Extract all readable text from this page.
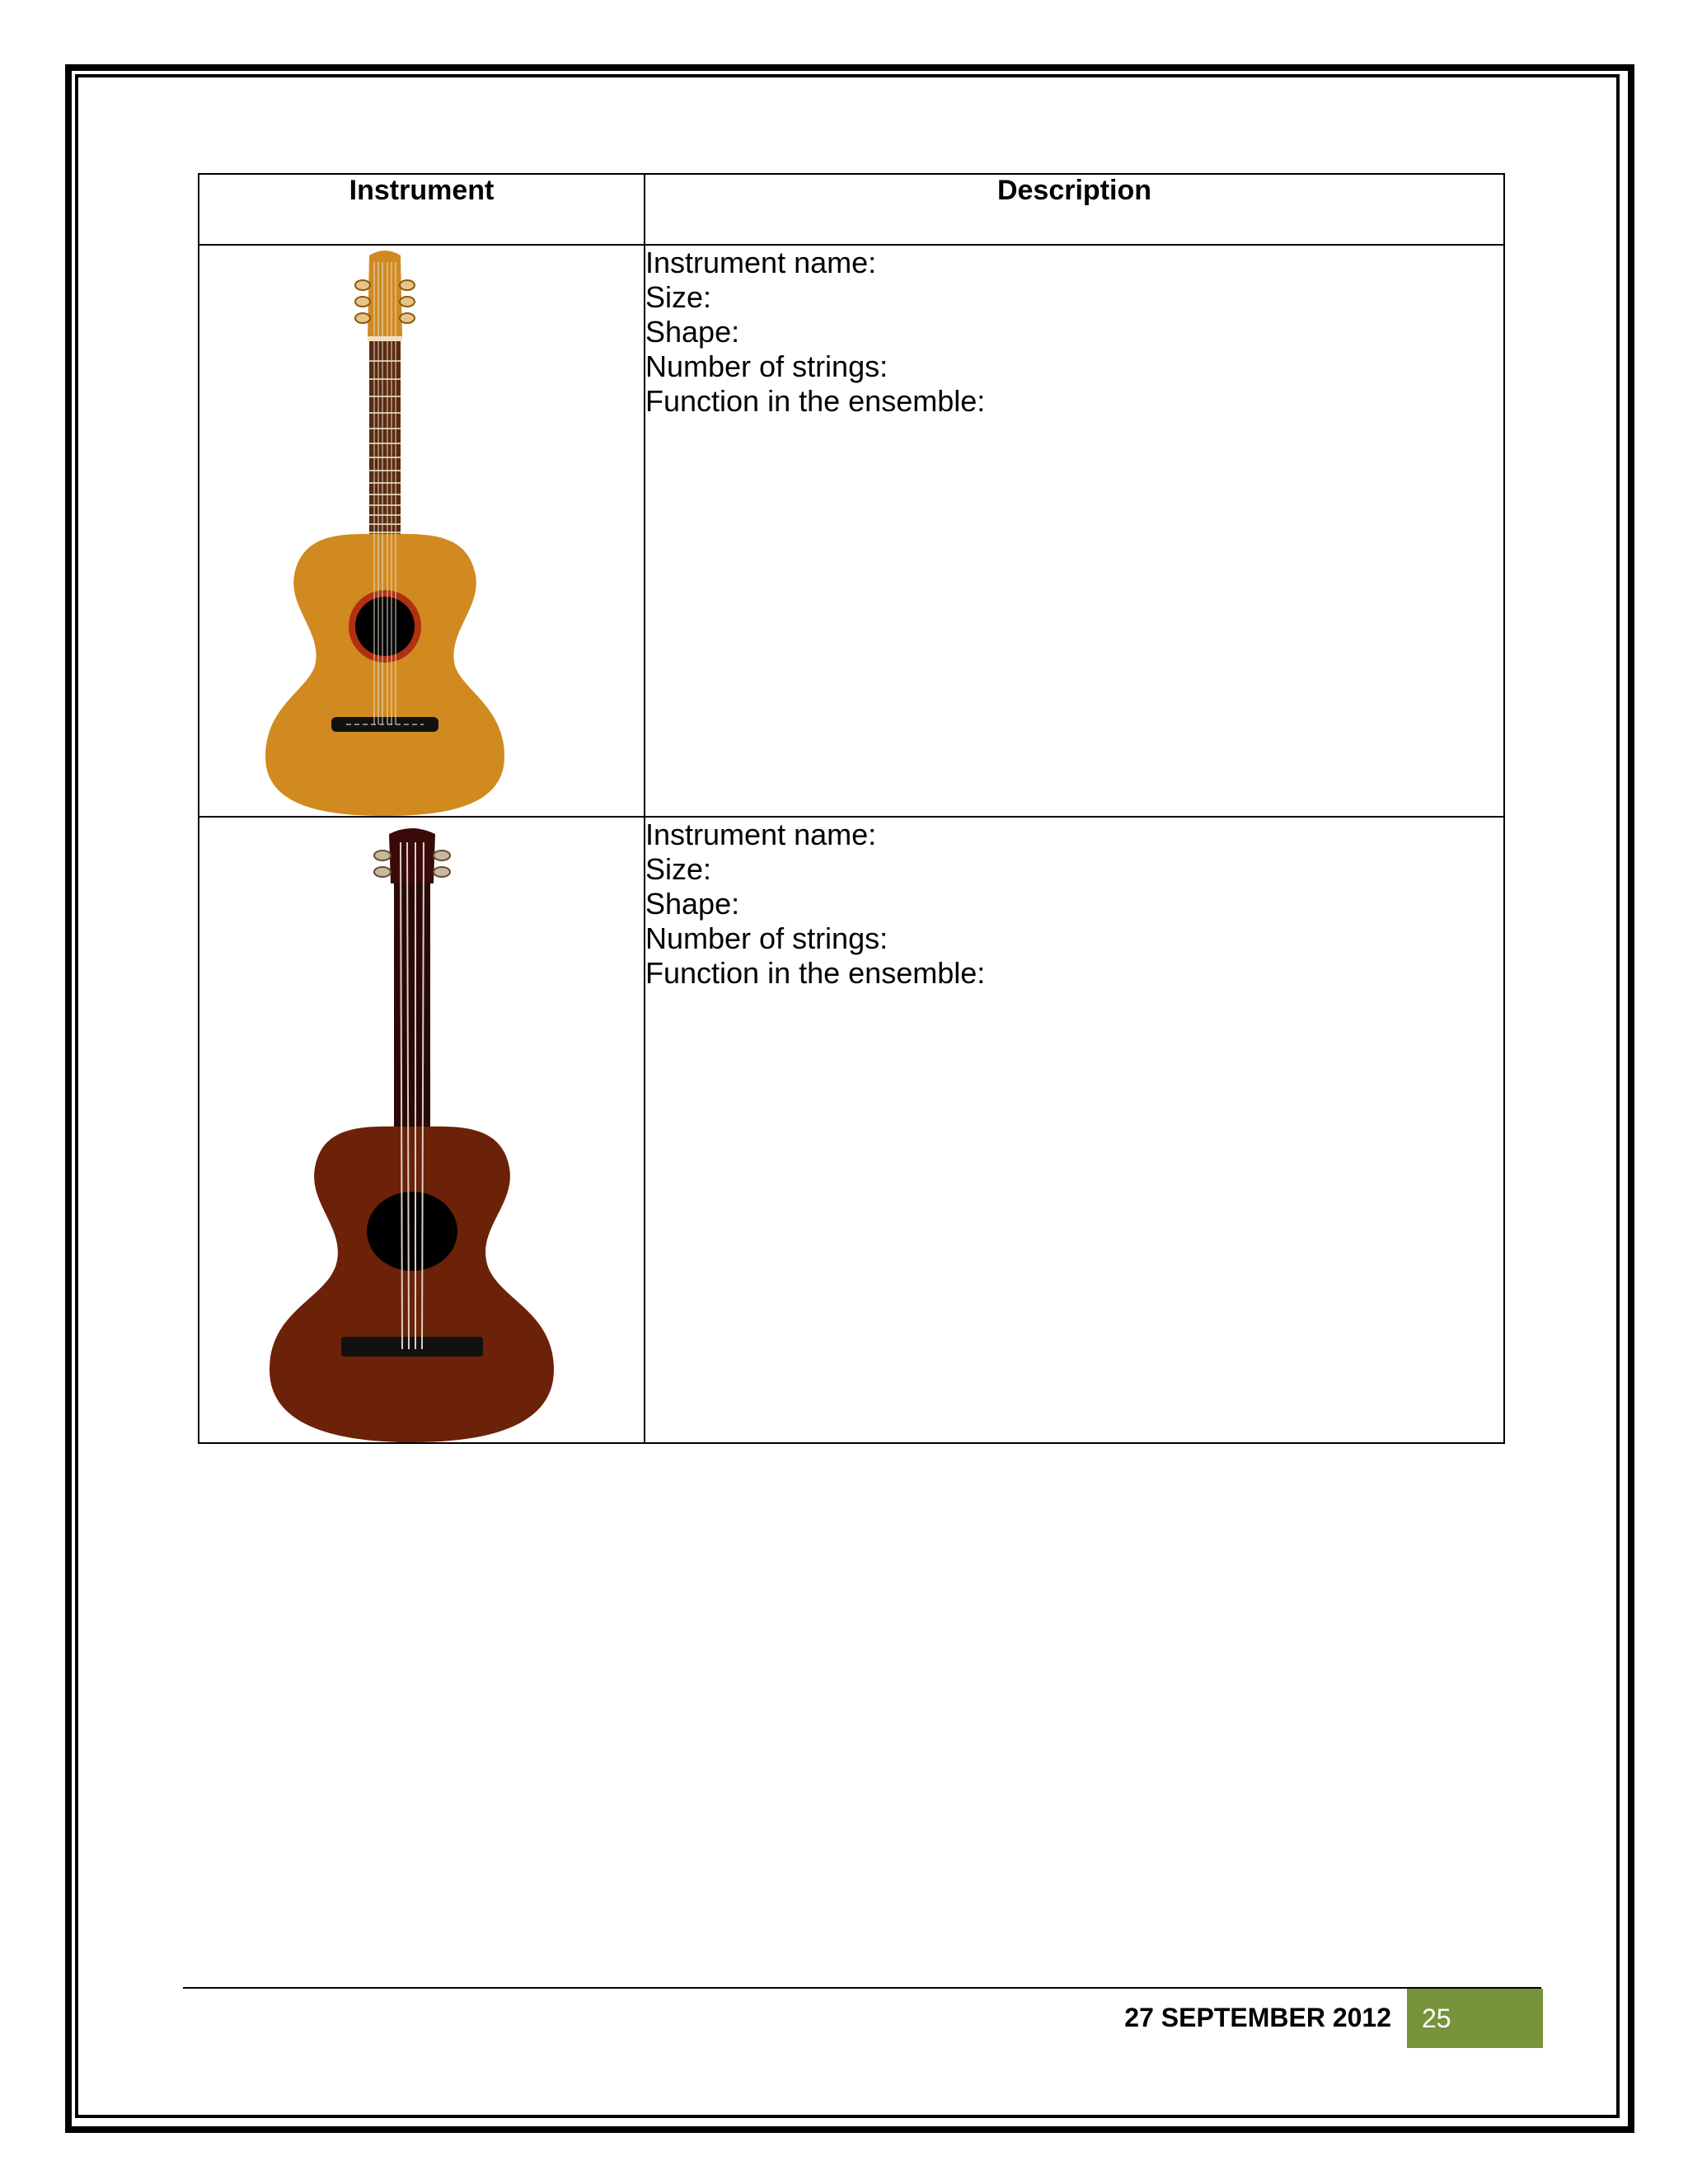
Instrument	Description

Instrument name:
Size:
Shape:
Number of strings:
Function in the ensemble:

Instrument name:
Size:
Shape:
Number of strings:
Function in the ensemble:
27 SEPTEMBER 2012	25
